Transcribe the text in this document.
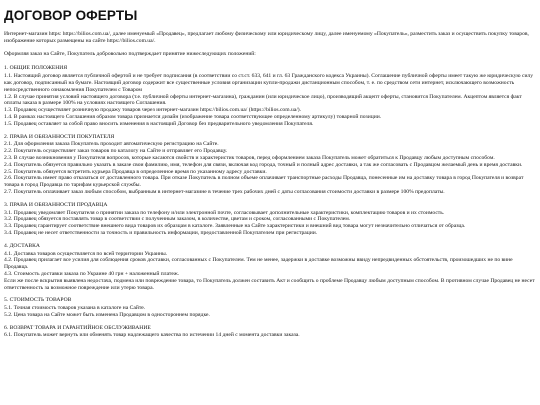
ДОГОВОР ОФЕРТЫ

Интернет-магазин https: https://bilios.com.ua/, далее именуемый «Продавец», предлагает любому физическому или юридическому лицу, далее именуемому «Покупатель», разместить заказ и осуществить покупку товаров, изображение которых размещены на сайте https://bilios.com.ua/.

Оформляя заказ на Сайте, Покупатель добровольно подтверждает принятие нижеследующих положений:

1. ОБЩИЕ ПОЛОЖЕНИЯ

1.1. Настоящий договор является публичной офертой и не требует подписания (в соответствии со ст.ст. 633, 641 и гл. 63 Гражданского кодекса Украины). Соглашение публичной оферты имеет такую же юридическую силу как договор, подписанный на бумаге. Настоящий договор содержит все существенные условия организации купли-продажи дистанционным способом, т. е. по средством сети интернет, исключающего возможность непосредственного ознакомления Покупателем с Товаром

1.2. В случае принятия условий настоящего договора (т.е. публичной оферты интернет-магазина), гражданин (или юридическое лицо), производящий акцепт оферты, становится Покупателем. Акцептом является факт оплаты заказа в размере 100% на условиях настоящего Соглашения.

1.3. Продавец осуществляет розничную продажу товаров через интернет-магазин https://bilios.com.ua/ (https://bilios.com.ua/).

1.4. В рамках настоящего Соглашения образом товара признается дизайн (изображение товара соответствующее определенному артикулу) товарной позиции.

1.5. Продавец оставляет за собой право вносить изменения в настоящий Договор без предварительного уведомления Покупателя.

2. ПРАВА И ОБЯЗАННОСТИ ПОКУПАТЕЛЯ

2.1. Для оформления заказа Покупатель проходит автоматическую регистрацию на Сайте.

2.2. Покупатель осуществляет заказ товаров по каталогу на Сайте и отправляет его Продавцу.

2.3. В случае возникновения у Покупателя вопросов, которые касаются свойств и характеристик товаров, перед оформлением заказа Покупатель может обратиться к Продавцу любым доступным способом.

2.4. Покупатель обязуется правильно указать в заказе свои фамилию, имя, телефон для связи, включая код города, точный и полный адрес доставки, а так же согласовать с Продавцом желаемый день и время доставки.

2.5. Покупатель обязуется встретить курьера Продавца в определенное время по указанному адресу доставки.

2.6. Покупатель имеет право отказаться от доставленного товара. При отказе Покупатель в полном объеме оплачивает транспортные расходы Продавца, понесенные им на доставку товара в город Покупателя и возврат товара в город Продавца по тарифам курьерской службы.

2.7. Покупатель оплачивает заказ любым способом, выбранным в интернет-магазине в течение трех рабочих дней с даты согласования стоимости доставки в размере 100% предоплаты.

3. ПРАВА И ОБЯЗАННОСТИ ПРОДАВЦА

3.1. Продавец уведомляет Покупателя о принятии заказа по телефону и/или электронной почте, согласовывает дополнительные характеристики, комплектацию товаров и их стоимость.

3.2. Продавец обязуется поставлять товар в соответствии с полученным заказом, в количестве, цветам и сроком, согласованными с Покупателем.

3.3. Продавец гарантирует соответствие внешнего вида товаров их образцам в каталоге. Заявленные на Сайте характеристики и внешний вид товара могут незначительно отличаться от образца.

3.4. Продавец не несет ответственности за точность и правильность информации, предоставленной Покупателем при регистрации.

4. ДОСТАВКА

4.1. Доставка товаров осуществляется по всей территории Украины.

4.2. Продавец прилагает все усилия для соблюдения сроков доставки, согласованных с Покупателем. Тем не менее, задержки в доставке возможны ввиду непредвиденных обстоятельств, произошедших не по вине Продавца.

4.3. Стоимость доставки заказа по Украине 40 грн + наложенный платеж.

Если же после вскрытия выявлена недостача, подмена или повреждение товара, то Покупатель должен составить Акт и сообщить о проблеме Продавцу любым доступным способом. В противном случае Продавец не несет ответственность за возможное повреждение или утерю товара.

5. СТОИМОСТЬ ТОВАРОВ

5.1. Точная стоимость товаров указана в каталоге на Сайте.

5.2. Цена товара на Сайте может быть изменена Продавцом в одностороннем порядке.

6. ВОЗВРАТ ТОВАРА И ГАРАНТИЙНОЕ ОБСЛУЖИВАНИЕ

6.1. Покупатель может вернуть или обменять товар надлежащего качества по истечении 14 дней с момента доставки заказа.
